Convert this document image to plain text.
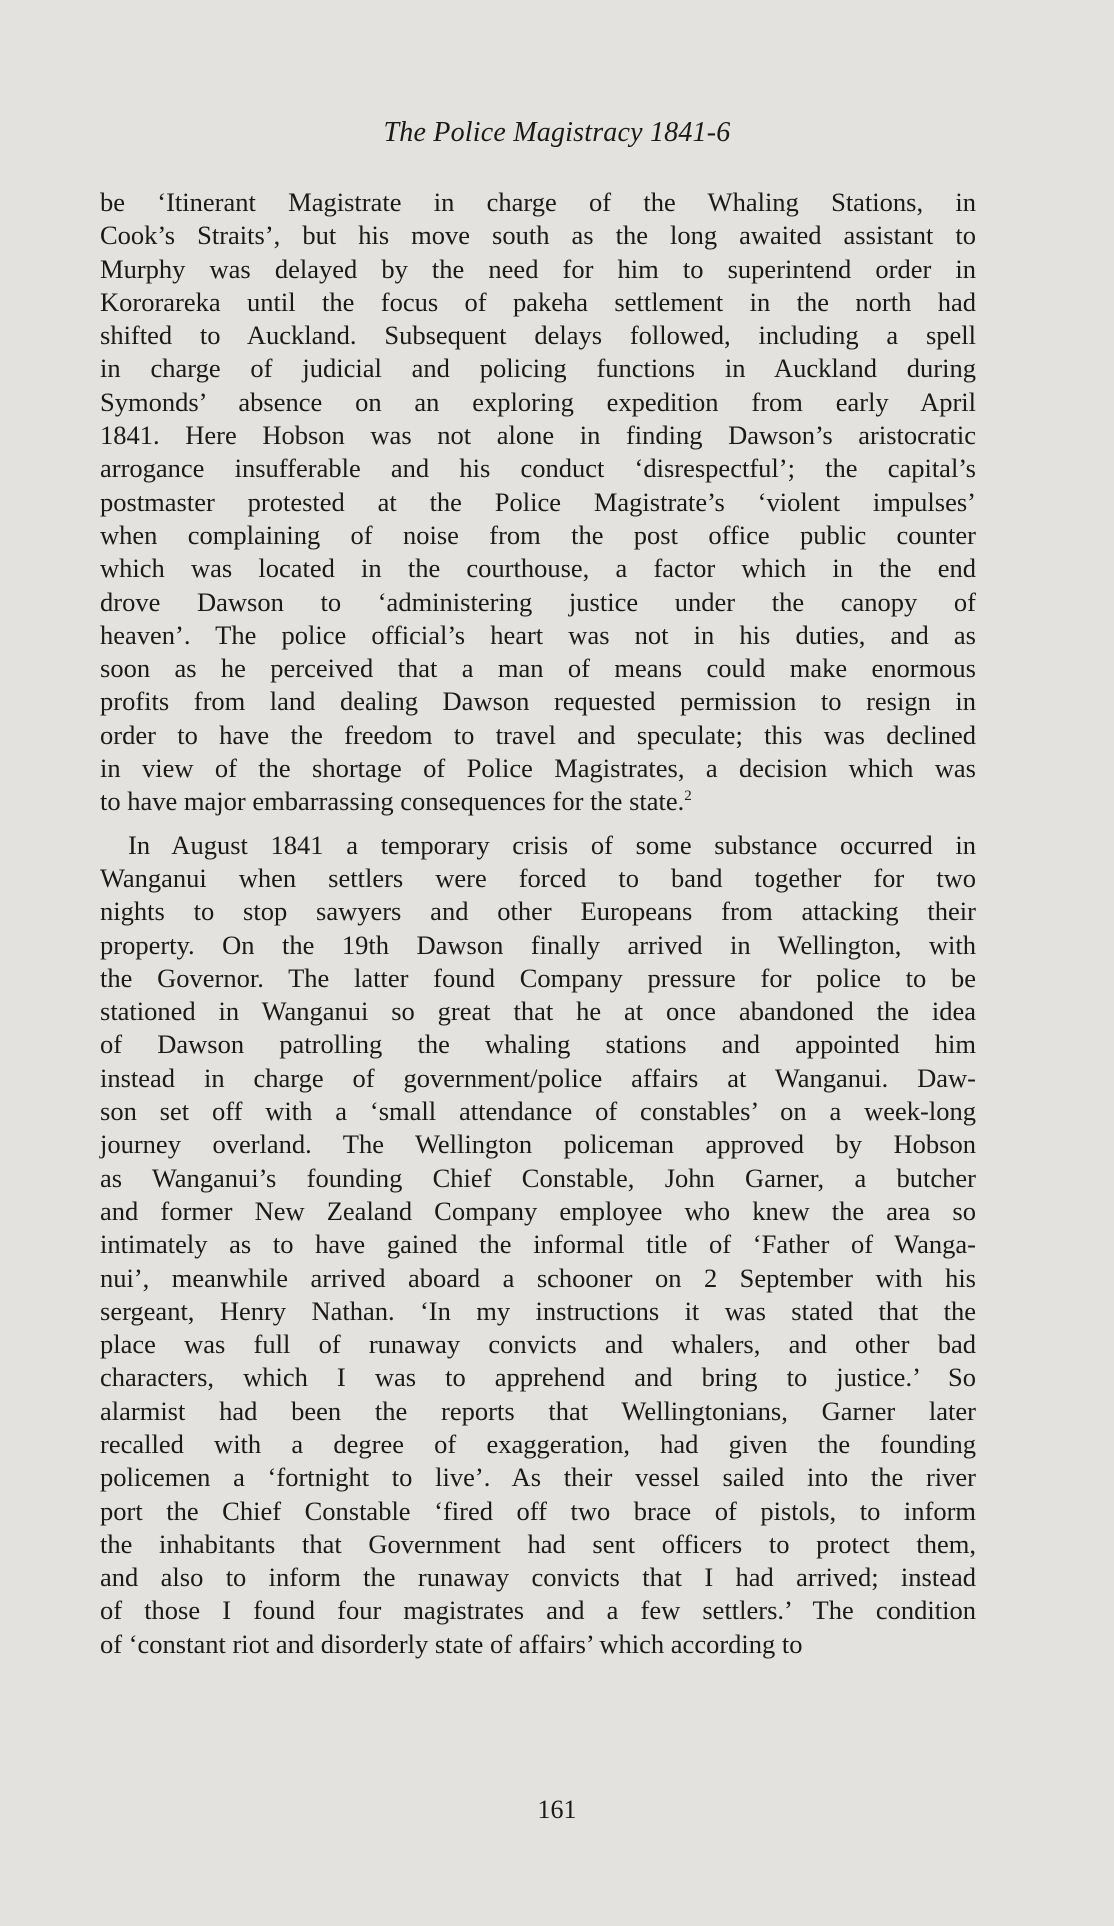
The Police Magistracy 1841-6

be ‘Itinerant Magistrate in charge of the Whaling Stations, in
Cook’s Straits’, but his move south as the long awaited assistant to
Murphy was delayed by the need for him to superintend order in
Kororareka until the focus of pakeha settlement in the north had
shifted to Auckland. Subsequent delays followed, including a spell
in charge of judicial and policing functions in Auckland during
Symonds’ absence on an exploring expedition from early April
1841. Here Hobson was not alone in finding Dawson’s aristocratic
arrogance insufferable and his conduct ‘disrespectful’; the capital’s
postmaster protested at the Police Magistrate’s ‘violent impulses’
when complaining of noise from the post office public counter
which was located in the courthouse, a factor which in the end
drove Dawson to ‘administering justice under the canopy of
heaven’. The police official’s heart was not in his duties, and as
soon as he perceived that a man of means could make enormous
profits from land dealing Dawson requested permission to resign in
order to have the freedom to travel and speculate; this was declined
in view of the shortage of Police Magistrates, a decision which was
to have major embarrassing consequences for the state.$^2$

In August 1841 a temporary crisis of some substance occurred in
Wanganui when settlers were forced to band together for two
nights to stop sawyers and other Europeans from attacking their
property. On the 19th Dawson finally arrived in Wellington, with
the Governor. The latter found Company pressure for police to be
stationed in Wanganui so great that he at once abandoned the idea
of Dawson patrolling the whaling stations and appointed him
instead in charge of government/police affairs at Wanganui. Daw-
son set off with a ‘small attendance of constables’ on a week-long
journey overland. The Wellington policeman approved by Hobson
as Wanganui’s founding Chief Constable, John Garner, a butcher
and former New Zealand Company employee who knew the area so
intimately as to have gained the informal title of ‘Father of Wanga-
nui’, meanwhile arrived aboard a schooner on 2 September with his
sergeant, Henry Nathan. ‘In my instructions it was stated that the
place was full of runaway convicts and whalers, and other bad
characters, which I was to apprehend and bring to justice.’ So
alarmist had been the reports that Wellingtonians, Garner later
recalled with a degree of exaggeration, had given the founding
policemen a ‘fortnight to live’. As their vessel sailed into the river
port the Chief Constable ‘fired off two brace of pistols, to inform
the inhabitants that Government had sent officers to protect them,
and also to inform the runaway convicts that I had arrived; instead
of those I found four magistrates and a few settlers.’ The condition
of ‘constant riot and disorderly state of affairs’ which according to

161
